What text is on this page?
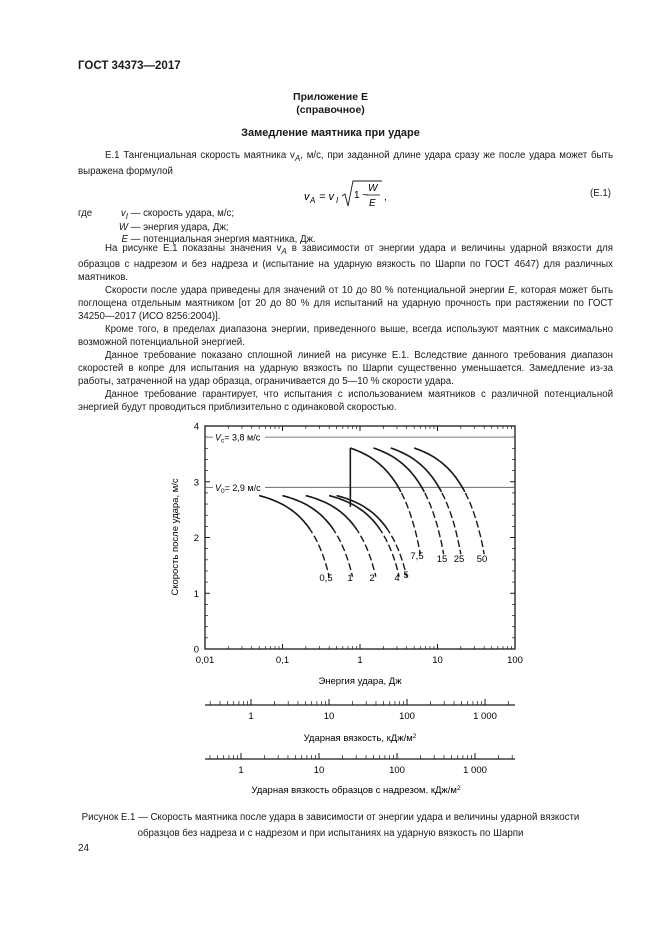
ГОСТ 34373—2017
Приложение Е
(справочное)
Замедление маятника при ударе

Е.1 Тангенциальная скорость маятника $v_A$, м/с, при заданной длине удара сразу же после удара может быть выражена формулой

v A = v I 1 −
W
E
,	(Е.1)
где	$v_I$ — скорость удара, м/с;
W — энергия удара, Дж;
E — потенциальная энергия маятника, Дж.

На рисунке Е.1 показаны значения $v_A$ в зависимости от энергии удара и величины ударной вязкости для образцов с надрезом и без надреза и (испытание на ударную вязкость по Шарпи по ГОСТ 4647) для различных маятников.

Скорости после удара приведены для значений от 10 до 80 % потенциальной энергии E, которая может быть поглощена отдельным маятником [от 20 до 80 % для испытаний на ударную прочность при растяжении по ГОСТ 34250—2017 (ИСО 8256:2004)].

Кроме того, в пределах диапазона энергии, приведенного выше, всегда используют маятник с максимально возможной потенциальной энергией.

Данное требование показано сплошной линией на рисунке Е.1. Вследствие данного требования диапазон скоростей в копре для испытания на ударную вязкость по Шарпи существенно уменьшается. Замедление из-за работы, затраченной на удар образца, ограничивается до 5—10 % скорости удара.

Данное требование гарантирует, что испытания с использованием маятников с различной потенциальной энергией будут проводиться приблизительно с одинаковой скоростью.

0
1
2
3
4
0,01	0,1	1	10	100
$V_c= 3,8$ м/с
$V_0= 2,9$ м/с
0,5 1 2 4 5
7,5 15 25 50
1	10	100	1 000
Ударная вязкость, кДж/$м^2$
1	10	100	1 000
Ударная вязкость образцов с надрезом. кДж/$м^2$
Энергия удара, Дж
Скорость после удара, м/с
Рисунок Е.1 — Скорость маятника после удара в зависимости от энергии удара и величины ударной вязкости
образцов без надреза и с надрезом и при испытаниях на ударную вязкость по Шарпи
24
